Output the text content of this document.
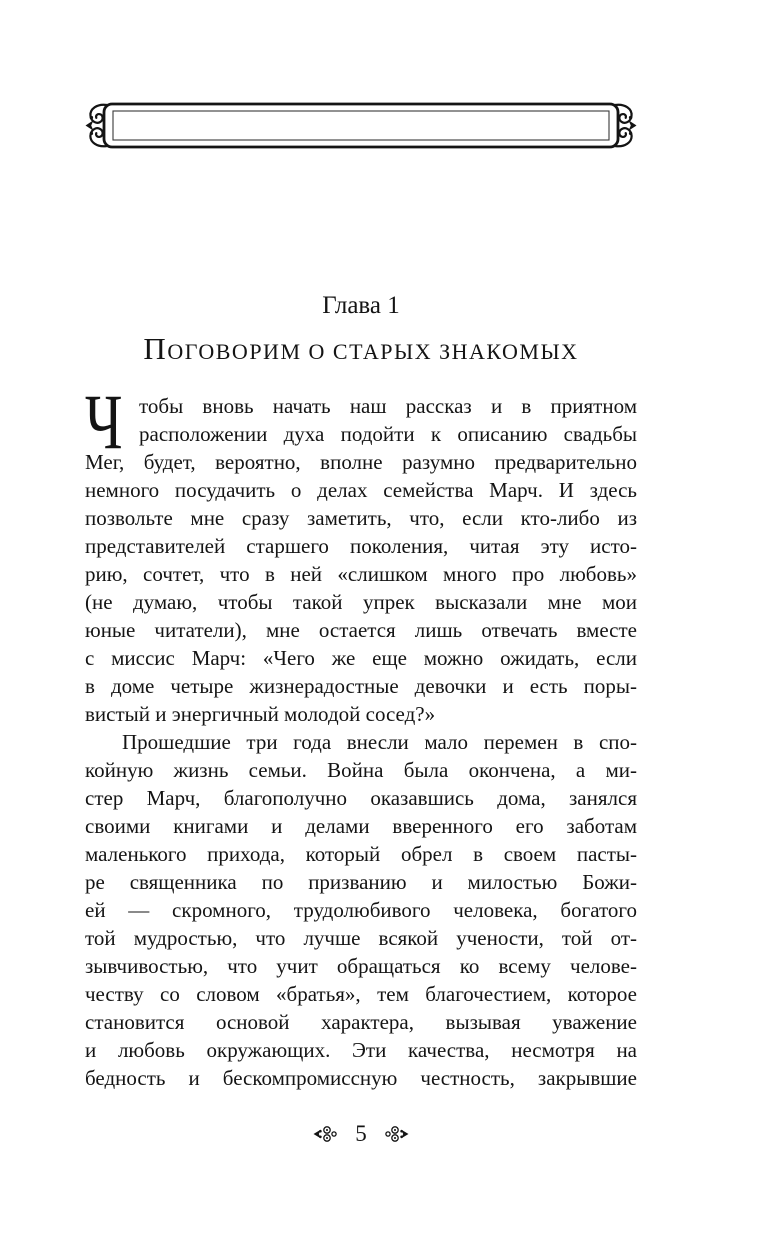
Глава 1
ПОГОВОРИМ О СТАРЫХ ЗНАКОМЫХ
Ч тобы вновь начать наш рассказ и в приятном
расположении духа подойти к описанию свадьбы
Мег, будет, вероятно, вполне разумно предварительно
немного посудачить о делах семейства Марч. И здесь
позвольте мне сразу заметить, что, если кто-либо из
представителей старшего поколения, читая эту исто-
рию, сочтет, что в ней «слишком много про любовь»
(не думаю, чтобы такой упрек высказали мне мои
юные читатели), мне остается лишь отвечать вместе
с миссис Марч: «Чего же еще можно ожидать, если
в доме четыре жизнерадостные девочки и есть поры-
вистый и энергичный молодой сосед?»
Прошедшие три года внесли мало перемен в спо-
койную жизнь семьи. Война была окончена, а ми-
стер Марч, благополучно оказавшись дома, занялся
своими книгами и делами вверенного его заботам
маленького прихода, который обрел в своем пасты-
ре священника по призванию и милостью Божи-
ей — скромного, трудолюбивого человека, богатого
той мудростью, что лучше всякой учености, той от-
зывчивостью, что учит обращаться ко всему челове-
честву со словом «братья», тем благочестием, которое
становится основой характера, вызывая уважение
и любовь окружающих. Эти качества, несмотря на
бедность и бескомпромиссную честность, закрывшие
5
